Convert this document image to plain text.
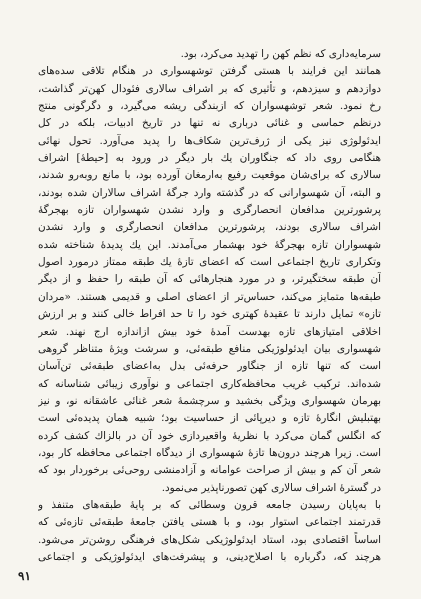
سرمایه‌داری که نظم کهن را تهدید می‌کرد، بود.
همانند این فرایند با هستی گرفتن توشهسواری در هنگام تلاقی سده‌های
دوازدهم و سیزدهم، و تأثیری که بر اشراف سالاری فئودال کهن‌تر گذاشت،
رخ نمود. شعر توشهسواران که ازبندگی ریشه می‌گیرد، و دگرگونی منتج
درنظم حماسی و غنائی درباری نه تنها در تاریخ ادبیات، بلکه در کل
ایدئولوژی نیز یکی از ژرف‌ترین شکاف‌ها را پدید می‌آورد. تحول نهائی
هنگامی روی داد که جنگاوران یك بار دیگر در ورود به [حیطهٔ] اشراف
سالاری که برای‌شان موقعیت رفیع به‌ارمغان آورده بود، با مانع روبه‌رو شدند،
و البته، آن شهسوارانی که در گذشته وارد جرگهٔ اشراف سالاران شده بودند،
پرشورترین مدافعان انحصارگری و وارد نشدن شهسواران تازه بهجرگهٔ
اشراف سالاری بودند، پرشورترین مدافعان انحصارگری و وارد نشدن
شهسواران تازه بهجرگهٔ خود بهشمار می‌آمدند. این یك پدیدهٔ شناخته شده
وتکراری تاریخ اجتماعی است که اعضای تازهٔ یك طبقه ممتاز درمورد اصول
آن طبقه سختگیرتر، و در مورد هنجارهائی که آن طبقه را حفظ و از دیگر
طبقه‌ها متمایز می‌کند، حساس‌تر از اعضای اصلی و قدیمی هستند. «مردان
تازه» تمایل دارند تا عقیدهٔ کهتری خود را تا حد افراط خالی کنند و بر ارزش
اخلاقی امتیازهای تازه بهدست آمدهٔ خود بیش ازاندازه ارج نهند. شعر
شهسواری بیان ایدئولوژیکی منافع طبقه‌ئی، و سرشت ویژهٔ متناظر گروهی
است که تنها تازه از جنگاور حرفه‌ئی بدل به‌اعضای طبقه‌ئی تن‌آسان
شده‌اند. ترکیب غریب محافظه‌کاری اجتماعی و نوآوری زیبائی شناسانه که
بهرمان شهسواری ویژگی بخشید و سرچشمهٔ شعر غنائی عاشقانه نو، و نیز
بهتبلیش انگارهٔ تازه و دیرپائی از حساسیت بود؛ شبیه همان پدیده‌ئی است
که انگلس گمان می‌کرد با نظریهٔ واقعیردازی خود آن در بالزاك کشف کرده
است. زیرا هرچند درون‌ها تازهٔ شهسواری از دیدگاه اجتماعی محافظه کار بود،
شعر آن کم و بیش از صراحت عوامانه و آزادمنشی روحی‌ئی برخوردار بود که
در گسترهٔ اشراف سالاری کهن تصورناپذیر می‌نمود.
با به‌پایان رسیدن جامعه قرون وسطائی که بر پایهٔ طبقه‌های متنفذ و
قدرتمند اجتماعی استوار بود، و با هستی یافتن جامعهٔ طبقه‌ئی تازه‌ئی که
اساساً اقتصادی بود، استاد ایدئولوژیکی شکل‌های فرهنگی روشن‌تر می‌شود.
هرچند که، دگرباره با اصلاح‌دینی، و پیشرفت‌های ایدئولوژیکی و اجتماعی
۹۱
